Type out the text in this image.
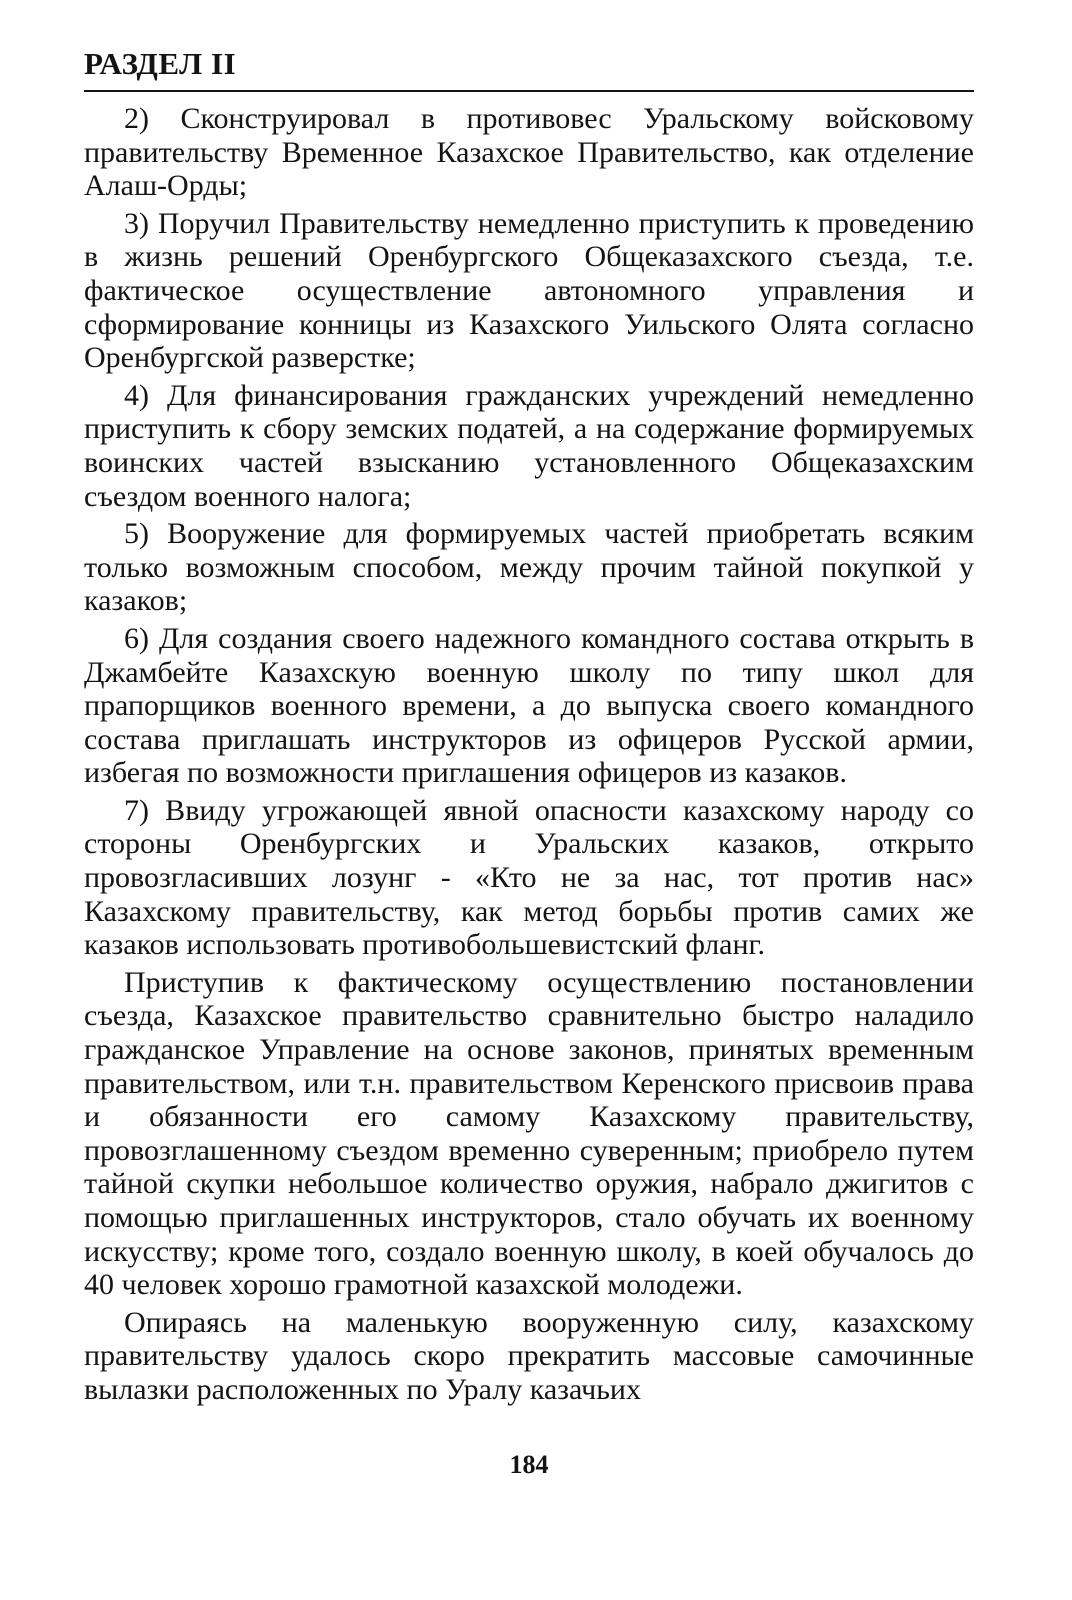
РАЗДЕЛ II

2) Сконструировал в противовес Уральскому войсковому правительству Временное Казахское Правительство, как отделение Алаш-Орды;

3) Поручил Правительству немедленно приступить к проведению в жизнь решений Оренбургского Общеказахского съезда, т.е. фактическое осуществление автономного управления и сформирование конницы из Казахского Уильского Олята согласно Оренбургской разверстке;

4) Для финансирования гражданских учреждений немедленно приступить к сбору земских податей, а на содержание формируемых воинских частей взысканию установленного Общеказахским съездом военного налога;

5) Вооружение для формируемых частей приобретать всяким только возможным способом, между прочим тайной покупкой у казаков;

6) Для создания своего надежного командного состава открыть в Джамбейте Казахскую военную школу по типу школ для прапорщиков военного времени, а до выпуска своего командного состава приглашать инструкторов из офицеров Русской армии, избегая по возможности приглашения офицеров из казаков.

7) Ввиду угрожающей явной опасности казахскому народу со стороны Оренбургских и Уральских казаков, открыто провозгласивших лозунг - «Кто не за нас, тот против нас» Казахскому правительству, как метод борьбы против самих же казаков использовать противобольшевистский фланг.

Приступив к фактическому осуществлению постановлении съезда, Казахское правительство сравнительно быстро наладило гражданское Управление на основе законов, принятых временным правительством, или т.н. правительством Керенского присвоив права и обязанности его самому Казахскому правительству, провозглашенному съездом временно суверенным; приобрело путем тайной скупки небольшое количество оружия, набрало джигитов с помощью приглашенных инструкторов, стало обучать их военному искусству; кроме того, создало военную школу, в коей обучалось до 40 человек хорошо грамотной казахской молодежи.

Опираясь на маленькую вооруженную силу, казахскому правительству удалось скоро прекратить массовые самочинные вылазки расположенных по Уралу казачьих

184
